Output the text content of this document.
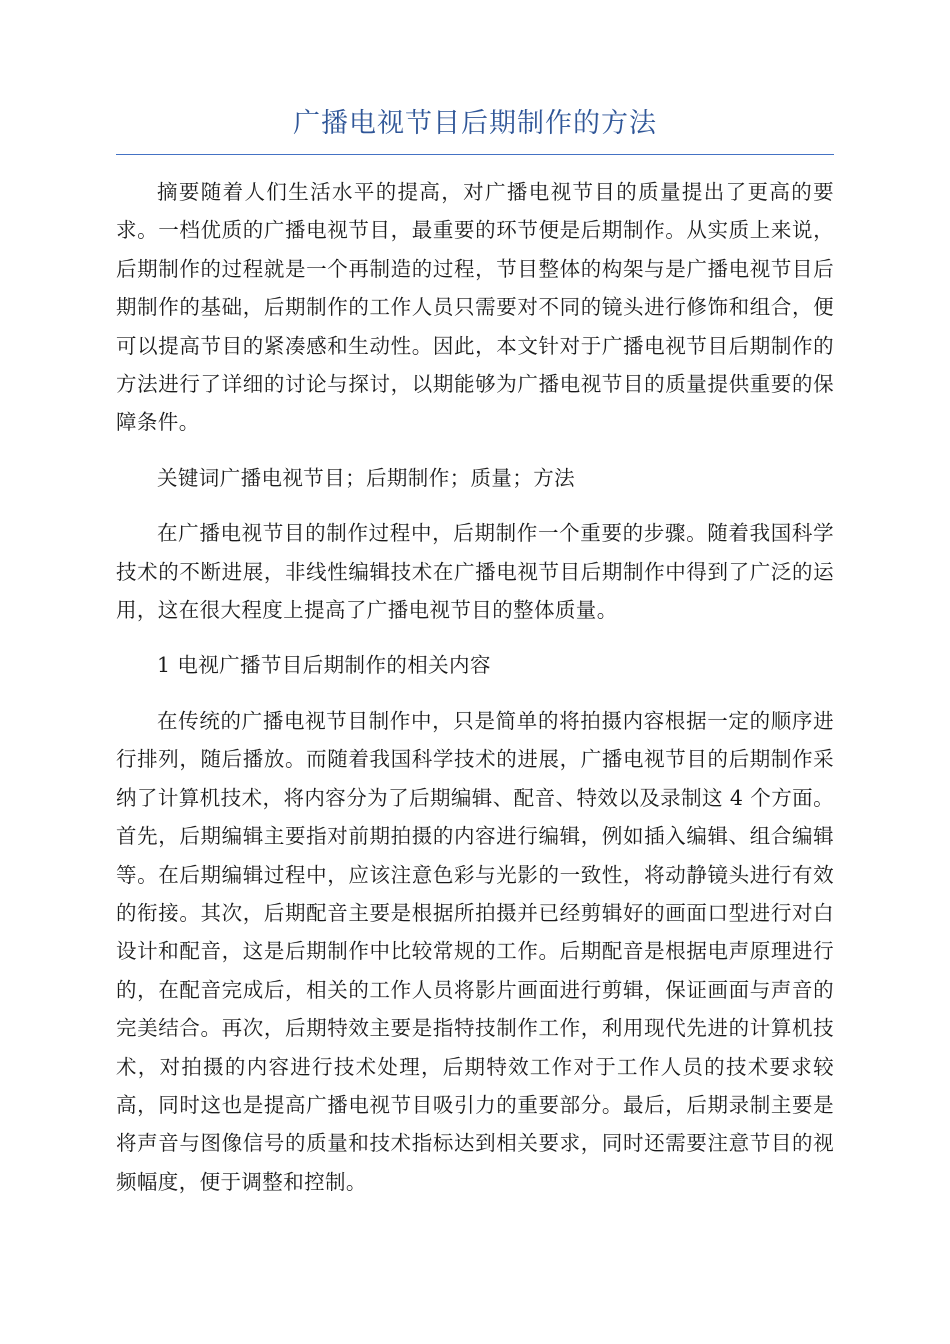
广播电视节目后期制作的方法

摘要随着人们生活水平的提高，对广播电视节目的质量提出了更高的要求。一档优质的广播电视节目，最重要的环节便是后期制作。从实质上来说，后期制作的过程就是一个再制造的过程，节目整体的构架与是广播电视节目后期制作的基础，后期制作的工作人员只需要对不同的镜头进行修饰和组合，便可以提高节目的紧凑感和生动性。因此，本文针对于广播电视节目后期制作的方法进行了详细的讨论与探讨，以期能够为广播电视节目的质量提供重要的保障条件。

关键词广播电视节目；后期制作；质量；方法

在广播电视节目的制作过程中，后期制作一个重要的步骤。随着我国科学技术的不断进展，非线性编辑技术在广播电视节目后期制作中得到了广泛的运用，这在很大程度上提高了广播电视节目的整体质量。

1 电视广播节目后期制作的相关内容

在传统的广播电视节目制作中，只是简单的将拍摄内容根据一定的顺序进行排列，随后播放。而随着我国科学技术的进展，广播电视节目的后期制作采纳了计算机技术，将内容分为了后期编辑、配音、特效以及录制这 4 个方面。首先，后期编辑主要指对前期拍摄的内容进行编辑，例如插入编辑、组合编辑等。在后期编辑过程中，应该注意色彩与光影的一致性，将动静镜头进行有效的衔接。其次，后期配音主要是根据所拍摄并已经剪辑好的画面口型进行对白设计和配音，这是后期制作中比较常规的工作。后期配音是根据电声原理进行的，在配音完成后，相关的工作人员将影片画面进行剪辑，保证画面与声音的完美结合。再次，后期特效主要是指特技制作工作，利用现代先进的计算机技术，对拍摄的内容进行技术处理，后期特效工作对于工作人员的技术要求较高，同时这也是提高广播电视节目吸引力的重要部分。最后，后期录制主要是将声音与图像信号的质量和技术指标达到相关要求，同时还需要注意节目的视频幅度，便于调整和控制。
